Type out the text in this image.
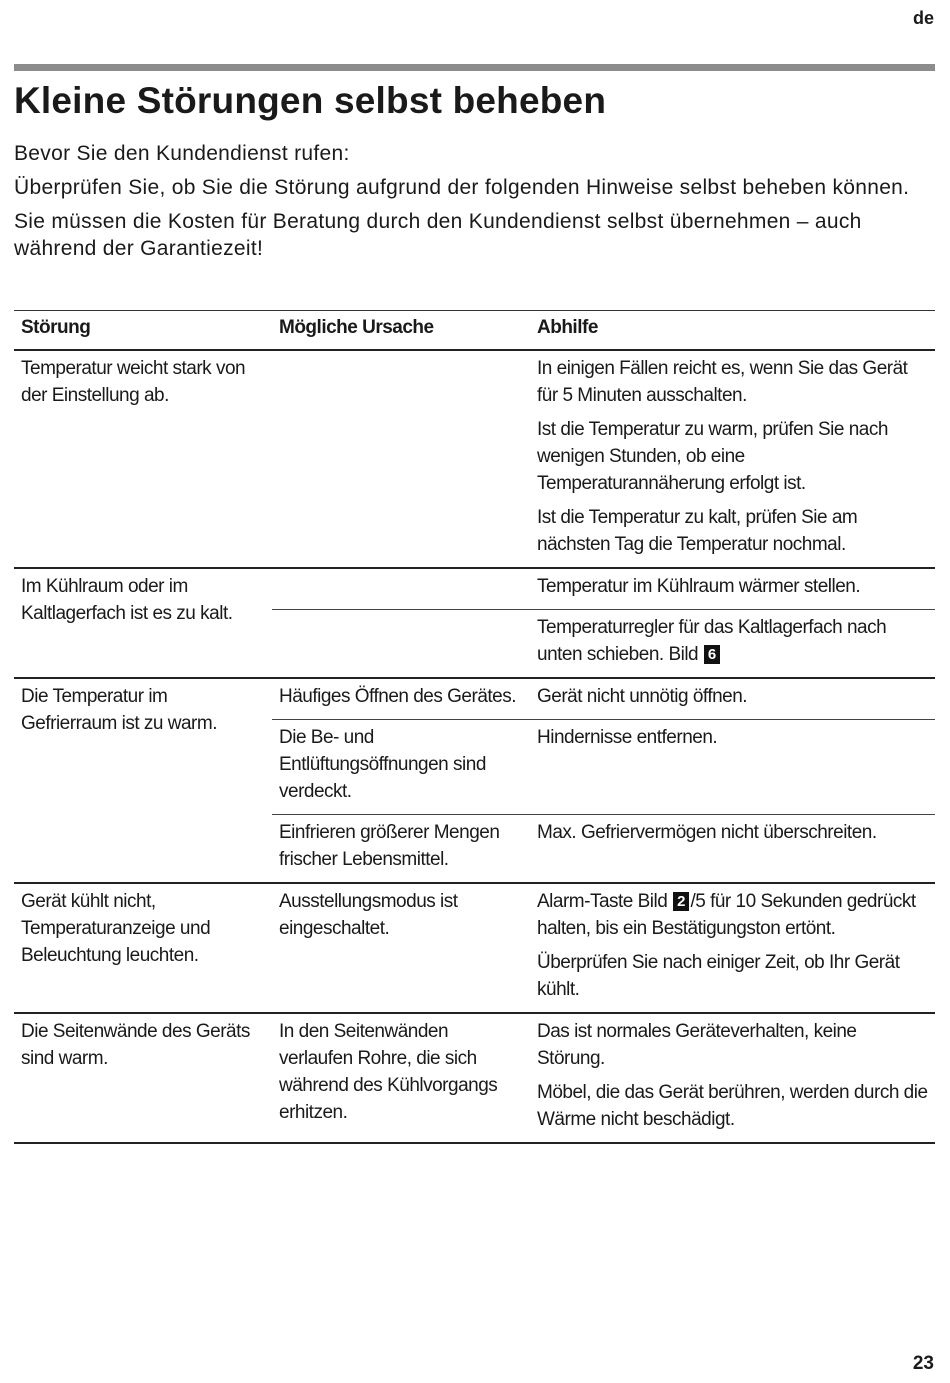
de
Kleine Störungen selbst beheben

Bevor Sie den Kundendienst rufen:

Überprüfen Sie, ob Sie die Störung aufgrund der folgenden Hinweise selbst beheben können.

Sie müssen die Kosten für Beratung durch den Kundendienst selbst übernehmen – auch während der Garantiezeit!

Störung	Mögliche Ursache	Abhilfe
Temperatur weicht stark von der Einstellung ab.		In einigen Fällen reicht es, wenn Sie das Gerät für 5 Minuten ausschalten.
Ist die Temperatur zu warm, prüfen Sie nach wenigen Stunden, ob eine Temperaturannäherung erfolgt ist.
Ist die Temperatur zu kalt, prüfen Sie am nächsten Tag die Temperatur nochmal.

Im Kühlraum oder im Kaltlagerfach ist es zu kalt.		Temperatur im Kühlraum wärmer stellen.
		Temperaturregler für das Kaltlagerfach nach unten schieben. Bild 6
Die Temperatur im Gefrierraum ist zu warm.	Häufiges Öffnen des Gerätes.	Gerät nicht unnötig öffnen.
	Die Be- und Entlüftungsöffnungen sind verdeckt.	Hindernisse entfernen.
	Einfrieren größerer Mengen frischer Lebensmittel.	Max. Gefriervermögen nicht überschreiten.
Gerät kühlt nicht, Temperaturanzeige und Beleuchtung leuchten.	Ausstellungsmodus ist eingeschaltet.	Alarm-Taste Bild 2 /5 für 10 Sekunden gedrückt halten, bis ein Bestätigungston ertönt.
Überprüfen Sie nach einiger Zeit, ob Ihr Gerät kühlt.

Die Seitenwände des Geräts sind warm.	In den Seitenwänden verlaufen Rohre, die sich während des Kühlvorgangs erhitzen.	Das ist normales Geräteverhalten, keine Störung.
Möbel, die das Gerät berühren, werden durch die Wärme nicht beschädigt.
23
